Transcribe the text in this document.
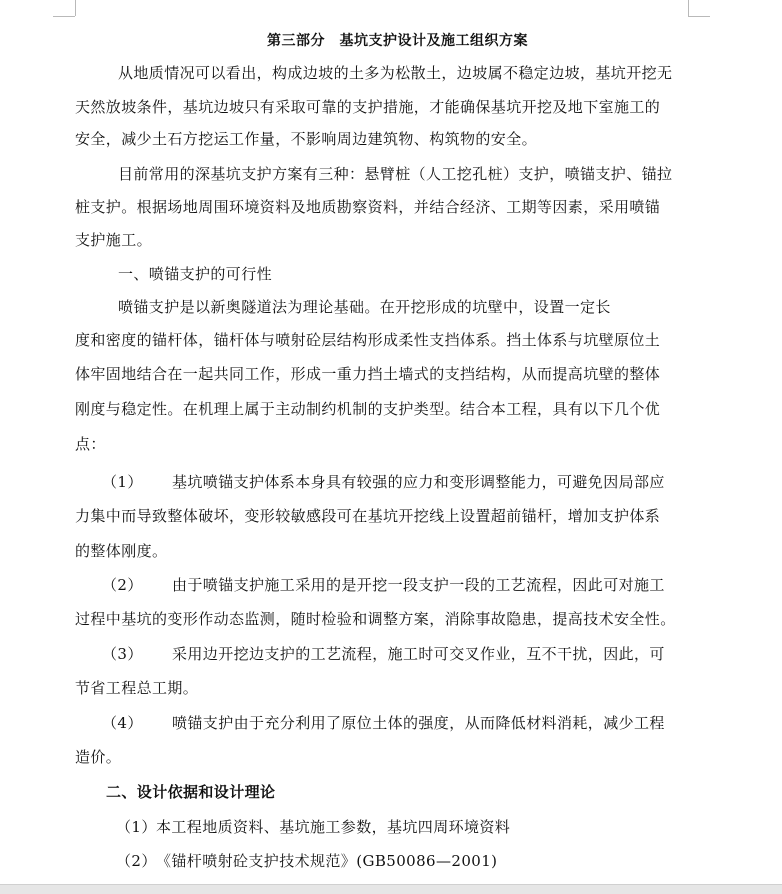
第三部分　基坑支护设计及施工组织方案
从地质情况可以看出，构成边坡的土多为松散土，边坡属不稳定边坡，基坑开挖无
天然放坡条件，基坑边坡只有采取可靠的支护措施，才能确保基坑开挖及地下室施工的
安全，减少土石方挖运工作量，不影响周边建筑物、构筑物的安全。
目前常用的深基坑支护方案有三种：悬臂桩（人工挖孔桩）支护，喷锚支护、锚拉
桩支护。根据场地周围环境资料及地质勘察资料，并结合经济、工期等因素，采用喷锚
支护施工。
一、喷锚支护的可行性
喷锚支护是以新奥隧道法为理论基础。在开挖形成的坑壁中，设置一定长
度和密度的锚杆体，锚杆体与喷射砼层结构形成柔性支挡体系。挡土体系与坑壁原位土
体牢固地结合在一起共同工作，形成一重力挡土墙式的支挡结构，从而提高坑壁的整体
刚度与稳定性。在机理上属于主动制约机制的支护类型。结合本工程，具有以下几个优
点：
（1） 基坑喷锚支护体系本身具有较强的应力和变形调整能力，可避免因局部应
力集中而导致整体破坏，变形较敏感段可在基坑开挖线上设置超前锚杆，增加支护体系
的整体刚度。
（2） 由于喷锚支护施工采用的是开挖一段支护一段的工艺流程，因此可对施工
过程中基坑的变形作动态监测，随时检验和调整方案，消除事故隐患，提高技术安全性。
（3） 采用边开挖边支护的工艺流程，施工时可交叉作业，互不干扰，因此，可
节省工程总工期。
（4） 喷锚支护由于充分利用了原位土体的强度，从而降低材料消耗，减少工程
造价。
二、设计依据和设计理论
（1） 本工程地质资料、基坑施工参数，基坑四周环境资料
（2） 《锚杆喷射砼支护技术规范》(GB50086—2001)
